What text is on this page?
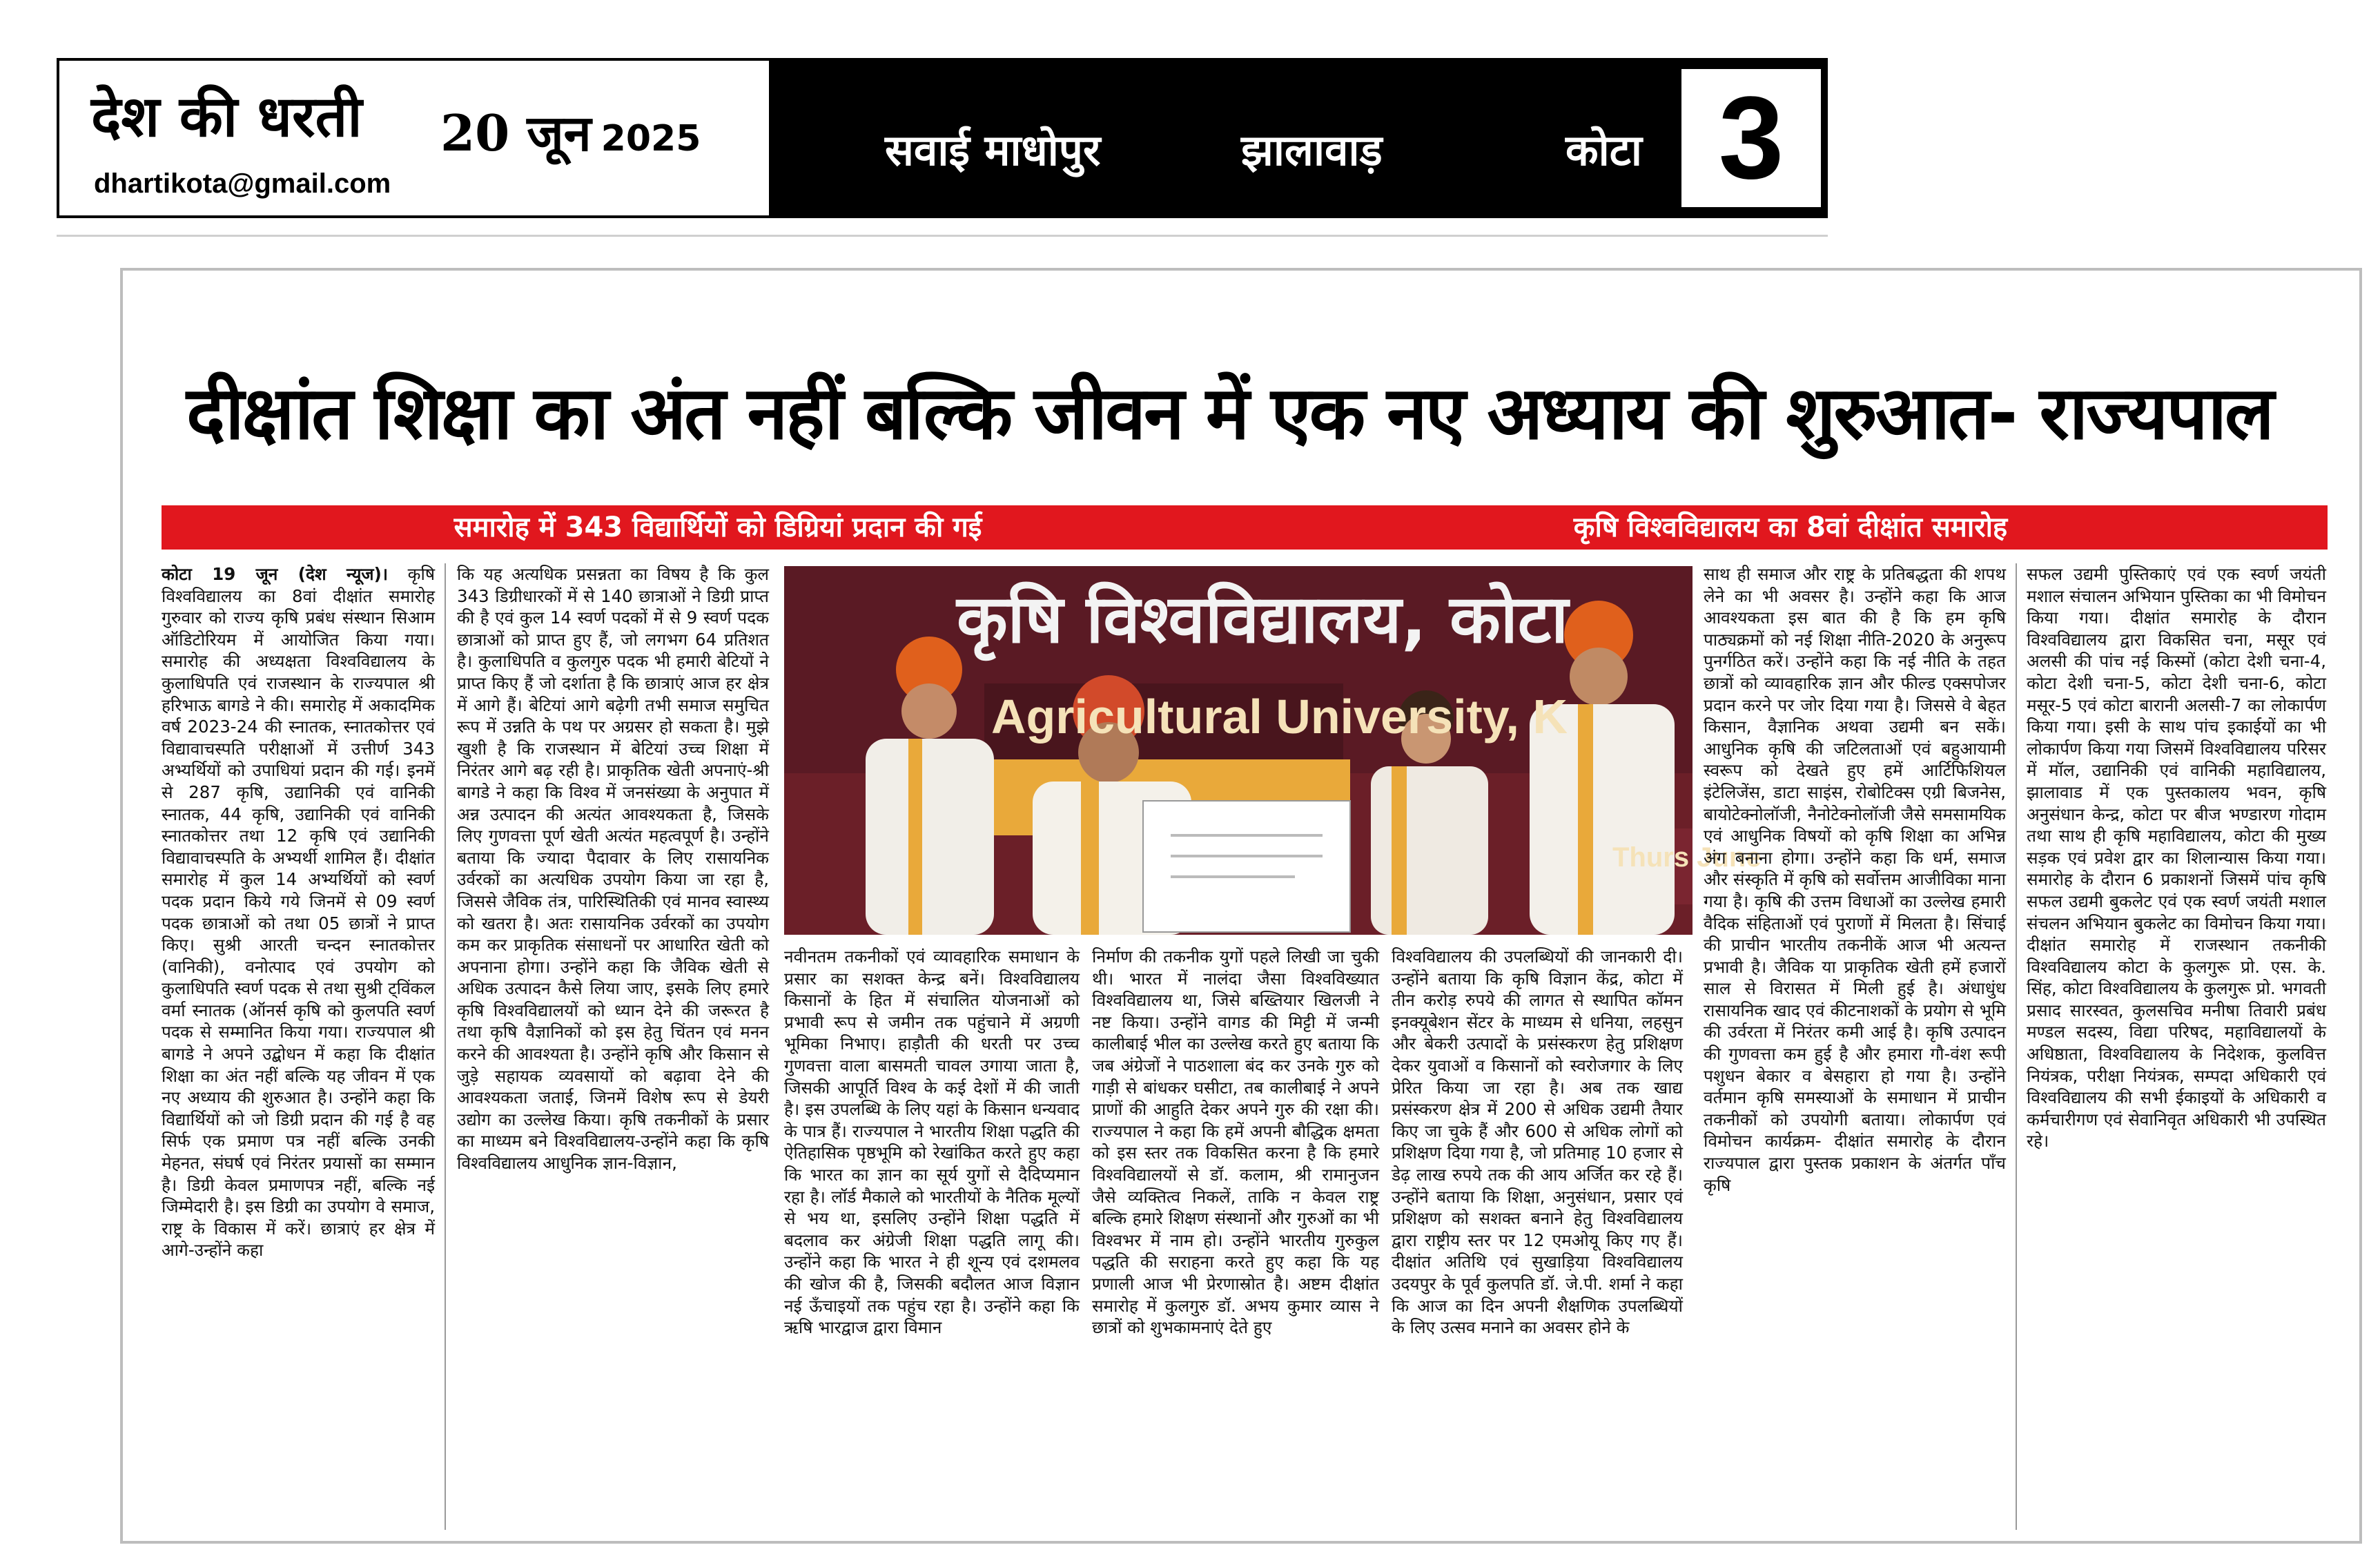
देश की धरती 20 जून 2025
dhartikota@gmail.com
सवाई माधोपुर	झालावाड़	कोटा 3
दीक्षांत शिक्षा का अंत नहीं बल्कि जीवन में एक नए अध्याय की शुरुआत- राज्यपाल
समारोह में 343 विद्यार्थियों को डिग्रियां प्रदान की गई	कृषि विश्वविद्यालय का 8वां दीक्षांत समारोह
कोटा 19 जून (देश न्यूज)। कृषि विश्वविद्यालय का 8वां दीक्षांत समारोह गुरुवार को राज्य कृषि प्रबंध संस्थान सिआम ऑडिटोरियम में आयोजित किया गया। समारोह की अध्यक्षता विश्वविद्यालय के कुलाधिपति एवं राजस्थान के राज्यपाल श्री हरिभाऊ बागडे ने की। समारोह में अकादमिक वर्ष 2023-24 की स्नातक, स्नातकोत्तर एवं विद्यावाचस्पति परीक्षाओं में उत्तीर्ण 343 अभ्यर्थियों को उपाधियां प्रदान की गई। इनमें से 287 कृषि, उद्यानिकी एवं वानिकी स्नातक, 44 कृषि, उद्यानिकी एवं वानिकी स्नातकोत्तर तथा 12 कृषि एवं उद्यानिकी विद्यावाचस्पति के अभ्यर्थी शामिल हैं। दीक्षांत समारोह में कुल 14 अभ्यर्थियों को स्वर्ण पदक प्रदान किये गये जिनमें से 09 स्वर्ण पदक छात्राओं को तथा 05 छात्रों ने प्राप्त किए। सुश्री आरती चन्दन स्नातकोत्तर (वानिकी), वनोत्पाद एवं उपयोग को कुलाधिपति स्वर्ण पदक से तथा सुश्री ट्विंकल वर्मा स्नातक (ऑनर्स कृषि को कुलपति स्वर्ण पदक से सम्मानित किया गया। राज्यपाल श्री बागडे ने अपने उद्बोधन में कहा कि दीक्षांत शिक्षा का अंत नहीं बल्कि यह जीवन में एक नए अध्याय की शुरुआत है। उन्होंने कहा कि विद्यार्थियों को जो डिग्री प्रदान की गई है वह सिर्फ एक प्रमाण पत्र नहीं बल्कि उनकी मेहनत, संघर्ष एवं निरंतर प्रयासों का सम्मान है। डिग्री केवल प्रमाणपत्र नहीं, बल्कि नई जिम्मेदारी है। इस डिग्री का उपयोग वे समाज, राष्ट्र के विकास में करें। छात्राएं हर क्षेत्र में आगे-उन्होंने कहा
कि यह अत्यधिक प्रसन्नता का विषय है कि कुल 343 डिग्रीधारकों में से 140 छात्राओं ने डिग्री प्राप्त की है एवं कुल 14 स्वर्ण पदकों में से 9 स्वर्ण पदक छात्राओं को प्राप्त हुए हैं, जो लगभग 64 प्रतिशत है। कुलाधिपति व कुलगुरु पदक भी हमारी बेटियों ने प्राप्त किए हैं जो दर्शाता है कि छात्राएं आज हर क्षेत्र में आगे हैं। बेटियां आगे बढ़ेगी तभी समाज समुचित रूप में उन्नति के पथ पर अग्रसर हो सकता है। मुझे खुशी है कि राजस्थान में बेटियां उच्च शिक्षा में निरंतर आगे बढ़ रही है। प्राकृतिक खेती अपनाएं-श्री बागडे ने कहा कि विश्व में जनसंख्या के अनुपात में अन्न उत्पादन की अत्यंत आवश्यकता है, जिसके लिए गुणवत्ता पूर्ण खेती अत्यंत महत्वपूर्ण है। उन्होंने बताया कि ज्यादा पैदावार के लिए रासायनिक उर्वरकों का अत्यधिक उपयोग किया जा रहा है, जिससे जैविक तंत्र, पारिस्थितिकी एवं मानव स्वास्थ्य को खतरा है। अतः रासायनिक उर्वरकों का उपयोग कम कर प्राकृतिक संसाधनों पर आधारित खेती को अपनाना होगा। उन्होंने कहा कि जैविक खेती से अधिक उत्पादन कैसे लिया जाए, इसके लिए हमारे कृषि विश्वविद्यालयों को ध्यान देने की जरूरत है तथा कृषि वैज्ञानिकों को इस हेतु चिंतन एवं मनन करने की आवश्यता है। उन्होंने कृषि और किसान से जुड़े सहायक व्यवसायों को बढ़ावा देने की आवश्यकता जताई, जिनमें विशेष रूप से डेयरी उद्योग का उल्लेख किया। कृषि तकनीकों के प्रसार का माध्यम बने विश्वविद्यालय-उन्होंने कहा कि कृषि विश्वविद्यालय आधुनिक ज्ञान-विज्ञान,
कृषि विश्वविद्यालय, कोटा
Agricultural University, K
Thurs June
नवीनतम तकनीकों एवं व्यावहारिक समाधान के प्रसार का सशक्त केन्द्र बनें। विश्वविद्यालय किसानों के हित में संचालित योजनाओं को प्रभावी रूप से जमीन तक पहुंचाने में अग्रणी भूमिका निभाए। हाड़ौती की धरती पर उच्च गुणवत्ता वाला बासमती चावल उगाया जाता है, जिसकी आपूर्ति विश्व के कई देशों में की जाती है। इस उपलब्धि के लिए यहां के किसान धन्यवाद के पात्र हैं। राज्यपाल ने भारतीय शिक्षा पद्धति की ऐतिहासिक पृष्ठभूमि को रेखांकित करते हुए कहा कि भारत का ज्ञान का सूर्य युगों से दैदिप्यमान रहा है। लॉर्ड मैकाले को भारतीयों के नैतिक मूल्यों से भय था, इसलिए उन्होंने शिक्षा पद्धति में बदलाव कर अंग्रेजी शिक्षा पद्धति लागू की। उन्होंने कहा कि भारत ने ही शून्य एवं दशमलव की खोज की है, जिसकी बदौलत आज विज्ञान नई ऊँचाइयों तक पहुंच रहा है। उन्होंने कहा कि ऋषि भारद्वाज द्वारा विमान
निर्माण की तकनीक युगों पहले लिखी जा चुकी थी। भारत में नालंदा जैसा विश्वविख्यात विश्वविद्यालय था, जिसे बख्तियार खिलजी ने नष्ट किया। उन्होंने वागड की मिट्टी में जन्मी कालीबाई भील का उल्लेख करते हुए बताया कि जब अंग्रेजों ने पाठशाला बंद कर उनके गुरु को गाड़ी से बांधकर घसीटा, तब कालीबाई ने अपने प्राणों की आहुति देकर अपने गुरु की रक्षा की। राज्यपाल ने कहा कि हमें अपनी बौद्धिक क्षमता को इस स्तर तक विकसित करना है कि हमारे विश्वविद्यालयों से डॉ. कलाम, श्री रामानुजन जैसे व्यक्तित्व निकलें, ताकि न केवल राष्ट्र बल्कि हमारे शिक्षण संस्थानों और गुरुओं का भी विश्वभर में नाम हो। उन्होंने भारतीय गुरुकुल पद्धति की सराहना करते हुए कहा कि यह प्रणाली आज भी प्रेरणास्रोत है। अष्टम दीक्षांत समारोह में कुलगुरु डॉ. अभय कुमार व्यास ने छात्रों को शुभकामनाएं देते हुए
विश्वविद्यालय की उपलब्धियों की जानकारी दी। उन्होंने बताया कि कृषि विज्ञान केंद्र, कोटा में तीन करोड़ रुपये की लागत से स्थापित कॉमन इनक्यूबेशन सेंटर के माध्यम से धनिया, लहसुन और बेकरी उत्पादों के प्रसंस्करण हेतु प्रशिक्षण देकर युवाओं व किसानों को स्वरोजगार के लिए प्रेरित किया जा रहा है। अब तक खाद्य प्रसंस्करण क्षेत्र में 200 से अधिक उद्यमी तैयार किए जा चुके हैं और 600 से अधिक लोगों को प्रशिक्षण दिया गया है, जो प्रतिमाह 10 हजार से डेढ़ लाख रुपये तक की आय अर्जित कर रहे हैं। उन्होंने बताया कि शिक्षा, अनुसंधान, प्रसार एवं प्रशिक्षण को सशक्त बनाने हेतु विश्वविद्यालय द्वारा राष्ट्रीय स्तर पर 12 एमओयू किए गए हैं। दीक्षांत अतिथि एवं सुखाड़िया विश्वविद्यालय उदयपुर के पूर्व कुलपति डॉ. जे.पी. शर्मा ने कहा कि आज का दिन अपनी शैक्षणिक उपलब्धियों के लिए उत्सव मनाने का अवसर होने के
साथ ही समाज और राष्ट्र के प्रतिबद्धता की शपथ लेने का भी अवसर है। उन्होंने कहा कि आज आवश्यकता इस बात की है कि हम कृषि पाठ्यक्रमों को नई शिक्षा नीति-2020 के अनुरूप पुनर्गठित करें। उन्होंने कहा कि नई नीति के तहत छात्रों को व्यावहारिक ज्ञान और फील्ड एक्सपोजर प्रदान करने पर जोर दिया गया है। जिससे वे बेहत किसान, वैज्ञानिक अथवा उद्यमी बन सकें। आधुनिक कृषि की जटिलताओं एवं बहुआयामी स्वरूप को देखते हुए हमें आर्टिफिशियल इंटेलिजेंस, डाटा साइंस, रोबोटिक्स एग्री बिजनेस, बायोटेक्नोलॉजी, नैनोटेक्नोलॉजी जैसे समसामयिक एवं आधुनिक विषयों को कृषि शिक्षा का अभिन्न अंग बनाना होगा। उन्होंने कहा कि धर्म, समाज और संस्कृति में कृषि को सर्वोत्तम आजीविका माना गया है। कृषि की उत्तम विधाओं का उल्लेख हमारी वैदिक संहिताओं एवं पुराणों में मिलता है। सिंचाई की प्राचीन भारतीय तकनीकें आज भी अत्यन्त प्रभावी है। जैविक या प्राकृतिक खेती हमें हजारों साल से विरासत में मिली हुई है। अंधाधुंध रासायनिक खाद एवं कीटनाशकों के प्रयोग से भूमि की उर्वरता में निरंतर कमी आई है। कृषि उत्पादन की गुणवत्ता कम हुई है और हमारा गौ-वंश रूपी पशुधन बेकार व बेसहारा हो गया है। उन्होंने वर्तमान कृषि समस्याओं के समाधान में प्राचीन तकनीकों को उपयोगी बताया। लोकार्पण एवं विमोचन कार्यक्रम- दीक्षांत समारोह के दौरान राज्यपाल द्वारा पुस्तक प्रकाशन के अंतर्गत पाँच कृषि
सफल उद्यमी पुस्तिकाएं एवं एक स्वर्ण जयंती मशाल संचालन अभियान पुस्तिका का भी विमोचन किया गया। दीक्षांत समारोह के दौरान विश्वविद्यालय द्वारा विकसित चना, मसूर एवं अलसी की पांच नई किस्मों (कोटा देशी चना-4, कोटा देशी चना-5, कोटा देशी चना-6, कोटा मसूर-5 एवं कोटा बारानी अलसी-7 का लोकार्पण किया गया। इसी के साथ पांच इकाईयों का भी लोकार्पण किया गया जिसमें विश्वविद्यालय परिसर में मॉल, उद्यानिकी एवं वानिकी महाविद्यालय, झालावाड में एक पुस्तकालय भवन, कृषि अनुसंधान केन्द्र, कोटा पर बीज भण्डारण गोदाम तथा साथ ही कृषि महाविद्यालय, कोटा की मुख्य सड़क एवं प्रवेश द्वार का शिलान्यास किया गया। समारोह के दौरान 6 प्रकाशनों जिसमें पांच कृषि सफल उद्यमी बुकलेट एवं एक स्वर्ण जयंती मशाल संचलन अभियान बुकलेट का विमोचन किया गया। दीक्षांत समारोह में राजस्थान तकनीकी विश्वविद्यालय कोटा के कुलगुरू प्रो. एस. के. सिंह, कोटा विश्वविद्यालय के कुलगुरू प्रो. भगवती प्रसाद सारस्वत, कुलसचिव मनीषा तिवारी प्रबंध मण्डल सदस्य, विद्या परिषद, महाविद्यालयों के अधिष्ठाता, विश्वविद्यालय के निदेशक, कुलवित्त नियंत्रक, परीक्षा नियंत्रक, सम्पदा अधिकारी एवं विश्वविद्यालय की सभी ईकाइयों के अधिकारी व कर्मचारीगण एवं सेवानिवृत अधिकारी भी उपस्थित रहे।
